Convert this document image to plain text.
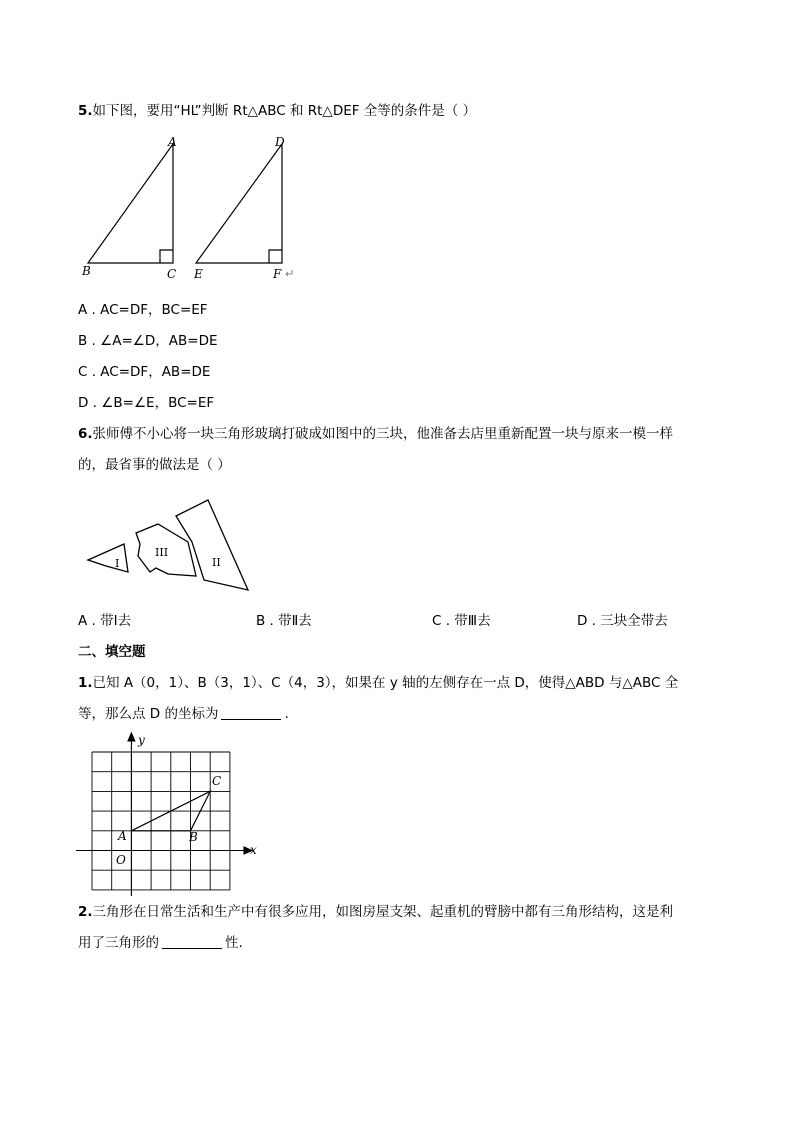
5.如下图，要用“HL”判断 Rt△ABC 和 Rt△DEF 全等的条件是（ ）
A
B	C
D
E	F
A . AC=DF，BC=EF
B . ∠A=∠D，AB=DE
C . AC=DF，AB=DE
D . ∠B=∠E，BC=EF
6.张师傅不小心将一块三角形玻璃打破成如图中的三块，他准备去店里重新配置一块与原来一模一样
的，最省事的做法是（ ）
I
III
II
A . 带Ⅰ去	B . 带Ⅱ去	C . 带Ⅲ去	D . 三块全带去
二、填空题
1.已知 A（0，1）、B（3，1）、C（4，3），如果在 y 轴的左侧存在一点 D，使得△ABD 与△ABC 全
等，那么点 D 的坐标为	.
y
x
A	B
C
O
2.三角形在日常生活和生产中有很多应用，如图房屋支架、起重机的臂膀中都有三角形结构，这是利
用了三角形的	性.
